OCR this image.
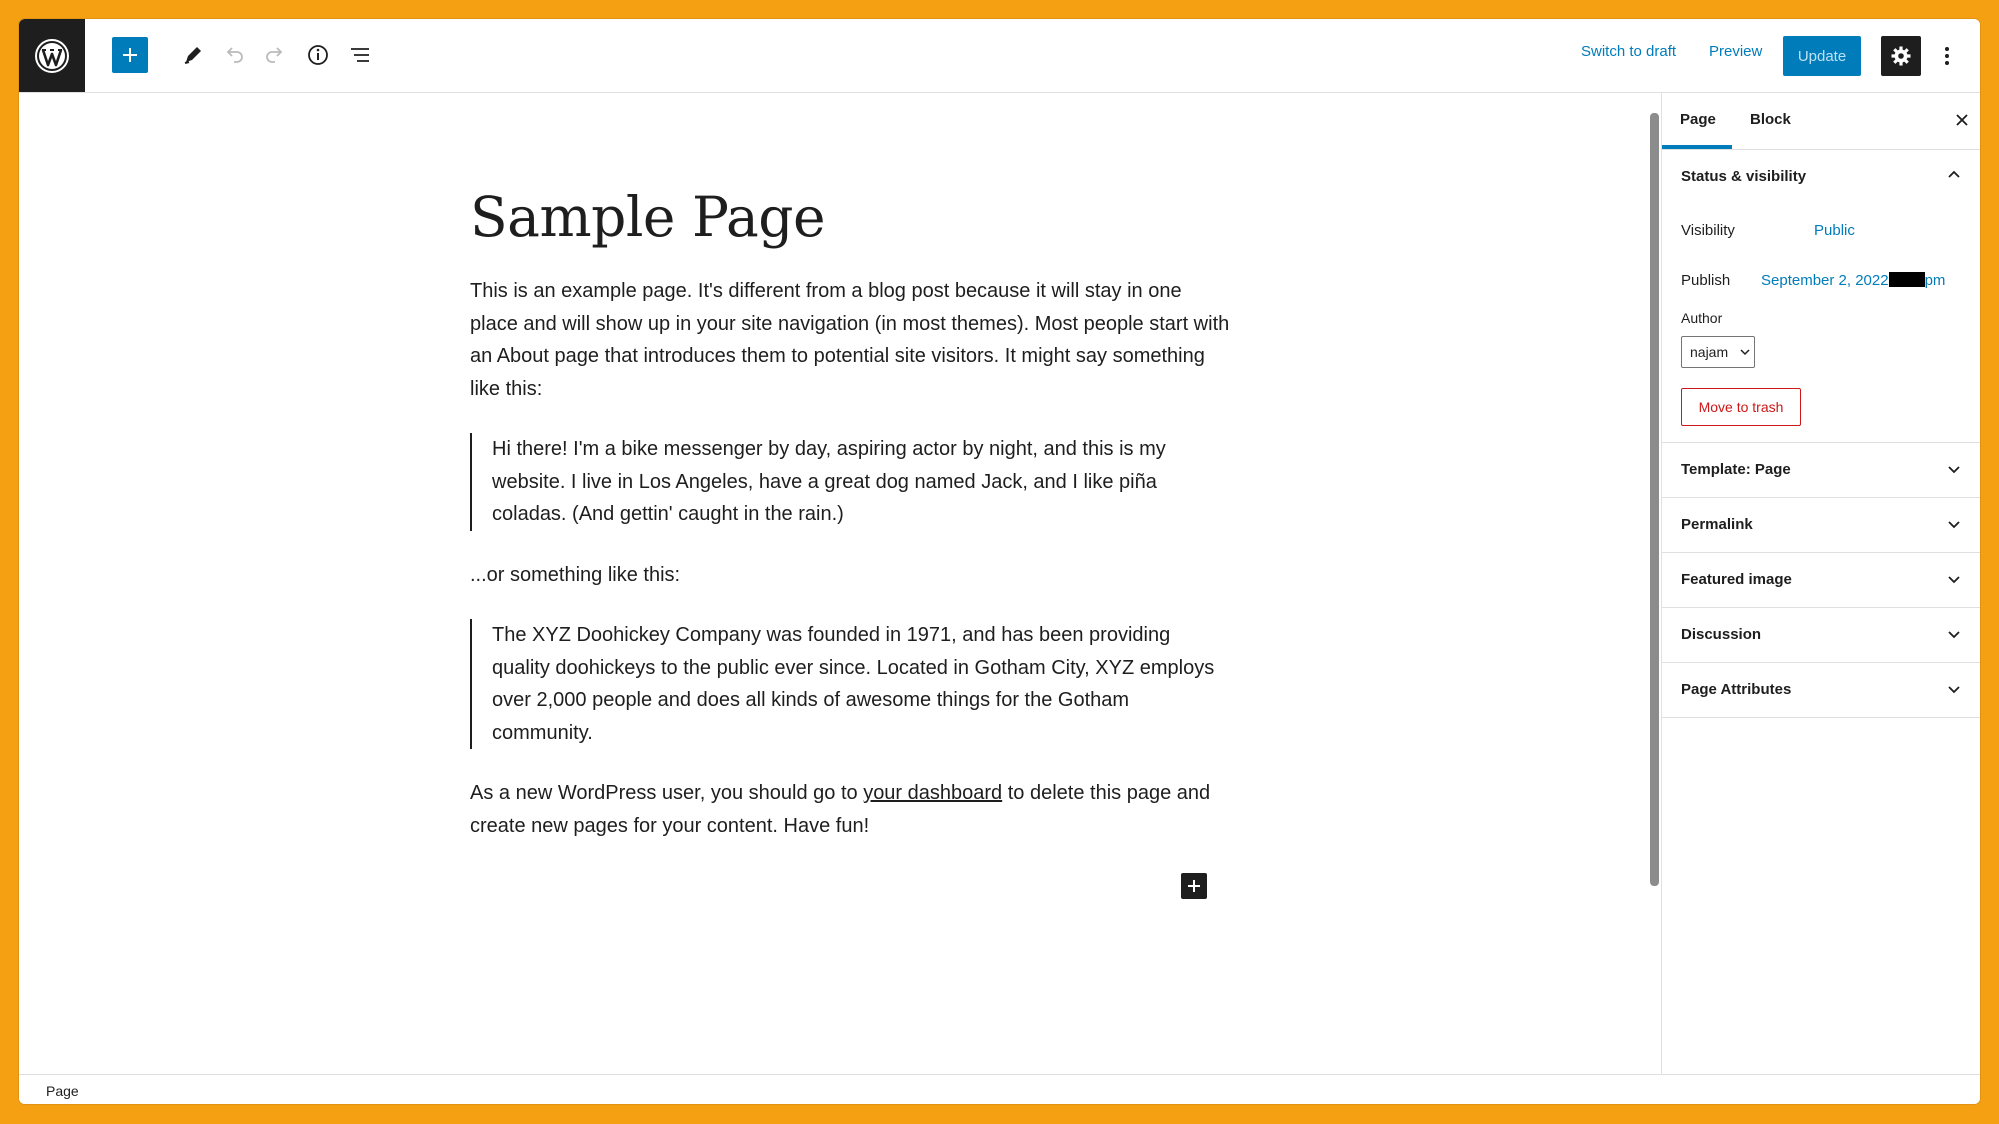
Switch to draft Preview	Update
Sample Page

This is an example page. It's different from a blog post because it will stay in one place and will show up in your site navigation (in most themes). Most people start with an About page that introduces them to potential site visitors. It might say something like this:

Hi there! I'm a bike messenger by day, aspiring actor by night, and this is my website. I live in Los Angeles, have a great dog named Jack, and I like piña coladas. (And gettin' caught in the rain.)

...or something like this:

The XYZ Doohickey Company was founded in 1971, and has been providing quality doohickeys to the public ever since. Located in Gotham City, XYZ employs over 2,000 people and does all kinds of awesome things for the Gotham community.

As a new WordPress user, you should go to your dashboard to delete this page and create new pages for your content. Have fun!

Page Block
Status & visibility
Visibility	Public
Publish September 2, 2022 pm
Author
najam
Move to trash
Template: Page
Permalink
Featured image
Discussion
Page Attributes
Page
